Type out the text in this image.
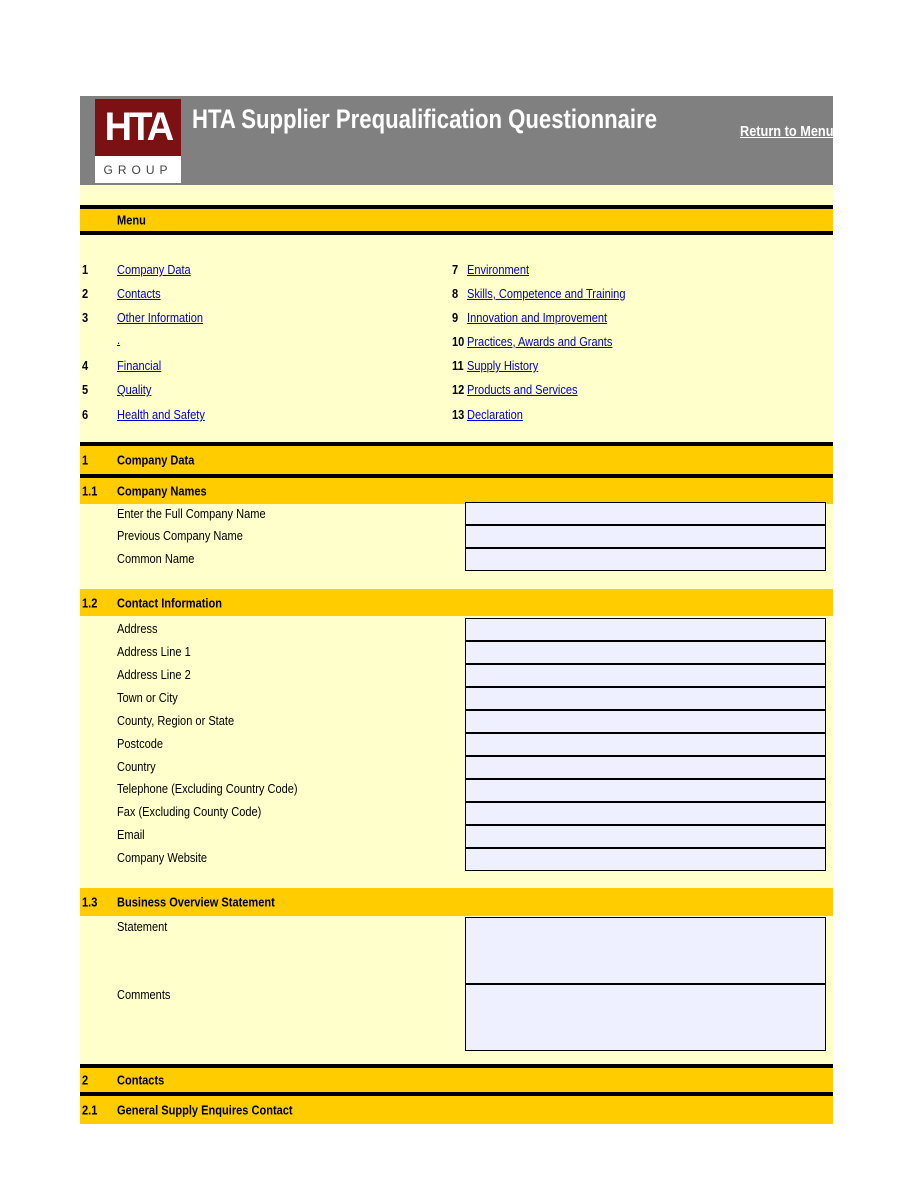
HTA
GROUP
HTA Supplier Prequalification Questionnaire	Return to Menu
Menu
1 Company Data
2 Contacts
3 Other Information
.
4 Financial
5 Quality
6 Health and Safety
7 Environment
8 Skills, Competence and Training
9 Innovation and Improvement
10 Practices, Awards and Grants
11 Supply History
12 Products and Services
13 Declaration
1 Company Data
1.1 Company Names
Enter the Full Company Name
Previous Company Name
Common Name
1.2 Contact Information
Address
Address Line 1
Address Line 2
Town or City
County, Region or State
Postcode
Country
Telephone (Excluding Country Code)
Fax (Excluding County Code)
Email
Company Website
1.3 Business Overview Statement
Statement
Comments
2 Contacts
2.1 General Supply Enquires Contact
